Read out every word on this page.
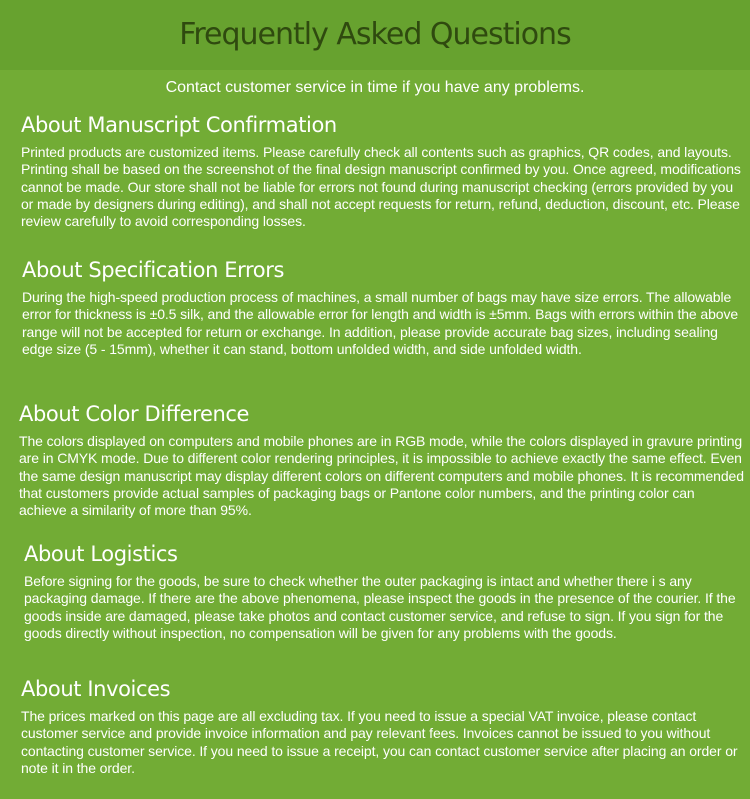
Frequently Asked Questions
Contact customer service in time if you have any problems.
About Manuscript Confirmation

Printed products are customized items. Please carefully check all contents such as graphics, QR codes, and layouts. Printing shall be based on the screenshot of the final design manuscript confirmed by you. Once agreed, modifications cannot be made. Our store shall not be liable for errors not found during manuscript checking (errors provided by you or made by designers during editing), and shall not accept requests for return, refund, deduction, discount, etc. Please review carefully to avoid corresponding losses.

About Specification Errors

During the high-speed production process of machines, a small number of bags may have size errors. The allowable error for thickness is ±0.5 silk, and the allowable error for length and width is ±5mm. Bags with errors within the above range will not be accepted for return or exchange. In addition, please provide accurate bag sizes, including sealing edge size (5 - 15mm), whether it can stand, bottom unfolded width, and side unfolded width.

About Color Difference

The colors displayed on computers and mobile phones are in RGB mode, while the colors displayed in gravure printing are in CMYK mode. Due to different color rendering principles, it is impossible to achieve exactly the same effect. Even the same design manuscript may display different colors on different computers and mobile phones. It is recommended that customers provide actual samples of packaging bags or Pantone color numbers, and the printing color can achieve a similarity of more than 95%.

About Logistics

Before signing for the goods, be sure to check whether the outer packaging is intact and whether there i s any packaging damage. If there are the above phenomena, please inspect the goods in the presence of the courier. If the goods inside are damaged, please take photos and contact customer service, and refuse to sign. If you sign for the goods directly without inspection, no compensation will be given for any problems with the goods.

About Invoices

The prices marked on this page are all excluding tax. If you need to issue a special VAT invoice, please contact customer service and provide invoice information and pay relevant fees. Invoices cannot be issued to you without contacting customer service. If you need to issue a receipt, you can contact customer service after placing an order or note it in the order.
